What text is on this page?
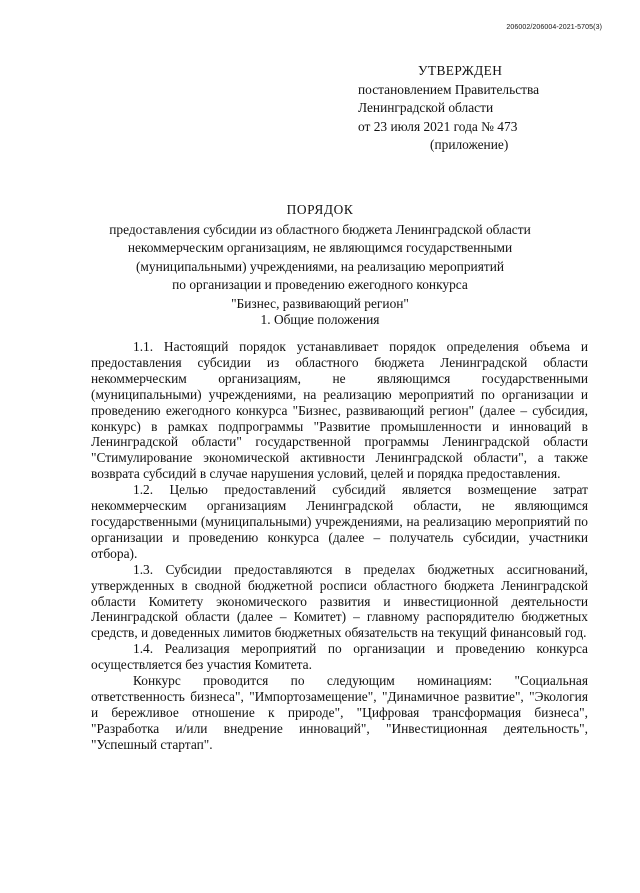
206002/206004-2021-5705(3)
УТВЕРЖДЕН
постановлением Правительства
Ленинградской области
от 23 июля 2021 года № 473
(приложение)
ПОРЯДОК
предоставления субсидии из областного бюджета Ленинградской области
некоммерческим организациям, не являющимся государственными
(муниципальными) учреждениями, на реализацию мероприятий
по организации и проведению ежегодного конкурса
"Бизнес, развивающий регион"
1. Общие положения

1.1. Настоящий порядок устанавливает порядок определения объема и предоставления субсидии из областного бюджета Ленинградской области некоммерческим организациям, не являющимся государственными (муниципальными) учреждениями, на реализацию мероприятий по организации и проведению ежегодного конкурса "Бизнес, развивающий регион" (далее – субсидия, конкурс) в рамках подпрограммы "Развитие промышленности и инноваций в Ленинградской области" государственной программы Ленинградской области "Стимулирование экономической активности Ленинградской области", а также возврата субсидий в случае нарушения условий, целей и порядка предоставления.

1.2. Целью предоставлений субсидий является возмещение затрат некоммерческим организациям Ленинградской области, не являющимся государственными (муниципальными) учреждениями, на реализацию мероприятий по организации и проведению конкурса (далее – получатель субсидии, участники отбора).

1.3. Субсидии предоставляются в пределах бюджетных ассигнований, утвержденных в сводной бюджетной росписи областного бюджета Ленинградской области Комитету экономического развития и инвестиционной деятельности Ленинградской области (далее – Комитет) – главному распорядителю бюджетных средств, и доведенных лимитов бюджетных обязательств на текущий финансовый год.

1.4. Реализация мероприятий по организации и проведению конкурса осуществляется без участия Комитета.

Конкурс проводится по следующим номинациям: "Социальная ответственность бизнеса", "Импортозамещение", "Динамичное развитие", "Экология и бережливое отношение к природе", "Цифровая трансформация бизнеса", "Разработка и/или внедрение инноваций", "Инвестиционная деятельность", "Успешный стартап".
